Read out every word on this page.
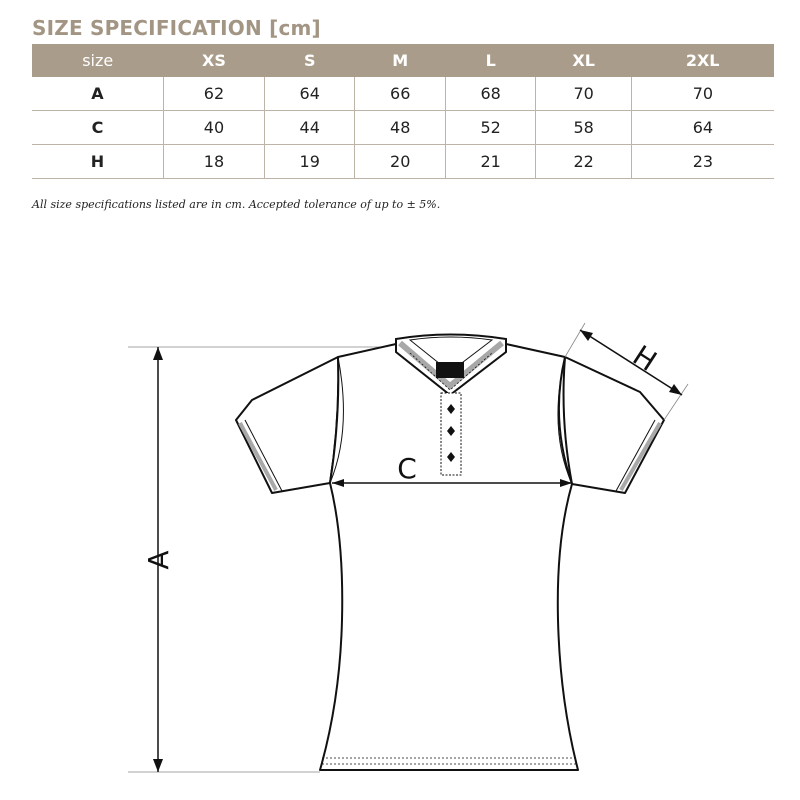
SIZE SPECIFICATION [cm]
size	XS	S	M	L	XL	2XL
A	62	64	66	68	70	70
C	40	44	48	52	58	64
H	18	19	20	21	22	23
All size specifications listed are in cm. Accepted tolerance of up to ± 5%.
A
C
H
